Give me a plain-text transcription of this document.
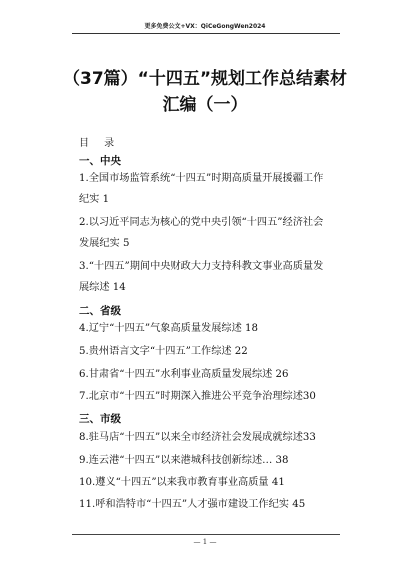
更多免费公文+VX：QiCeGongWen2024
（37篇）“十四五”规划工作总结素材
汇编（一）
目 录
一、中央
1.全国市场监管系统“十四五”时期高质量开展援疆工作
纪实 1
2.以习近平同志为核心的党中央引领“十四五”经济社会
发展纪实 5
3.“十四五”期间中央财政大力支持科教文事业高质量发
展综述 14
二、省级
4.辽宁“十四五”气象高质量发展综述 18
5.贵州语言文字“十四五”工作综述 22
6.甘肃省“十四五”水利事业高质量发展综述 26
7.北京市“十四五”时期深入推进公平竞争治理综述30
三、市级
8.驻马店“十四五”以来全市经济社会发展成就综述33
9.连云港“十四五”以来港城科技创新综述… 38
10.遵义“十四五”以来我市教育事业高质量 41
11.呼和浩特市“十四五”人才强市建设工作纪实 45
— 1 —
